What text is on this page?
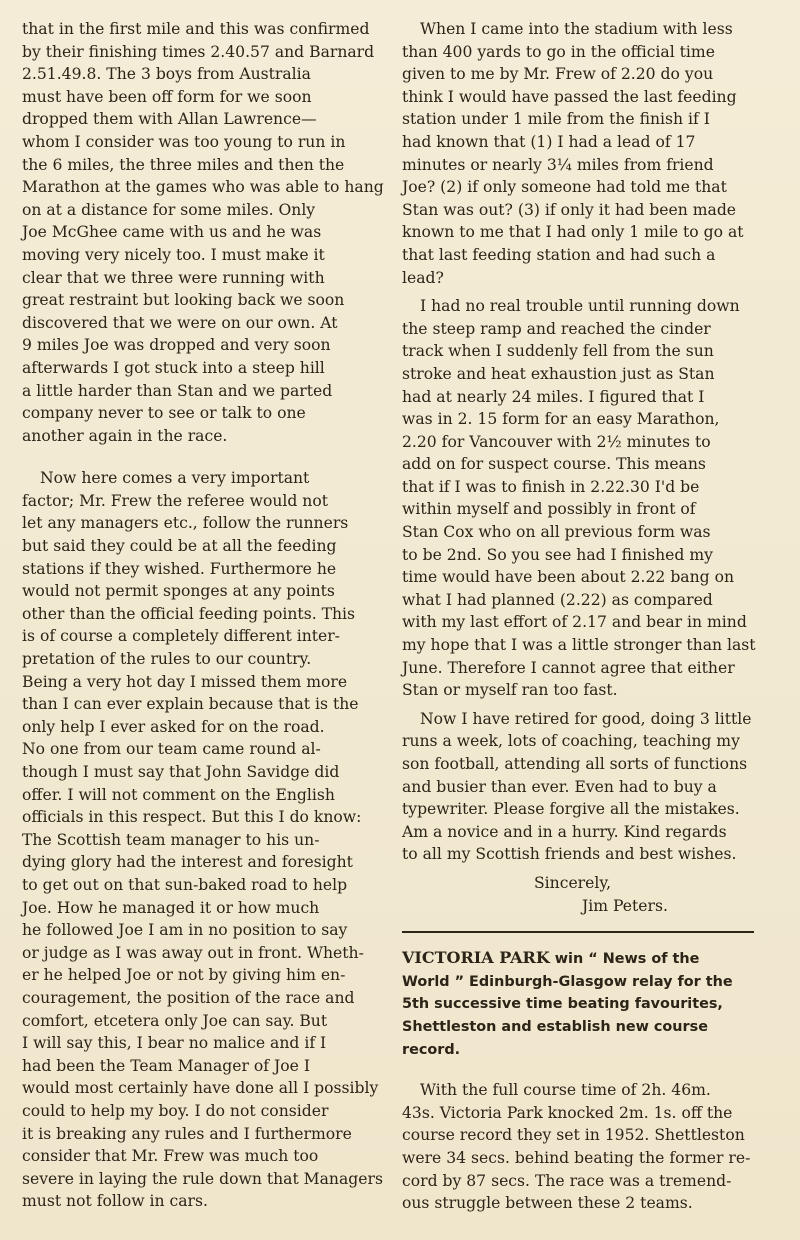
that in the first mile and this was confirmed
by their finishing times 2.40.57 and Barnard
2.51.49.8. The 3 boys from Australia
must have been off form for we soon
dropped them with Allan Lawrence—
whom I consider was too young to run in
the 6 miles, the three miles and then the
Marathon at the games who was able to hang
on at a distance for some miles. Only
Joe McGhee came with us and he was
moving very nicely too. I must make it
clear that we three were running with
great restraint but looking back we soon
discovered that we were on our own. At
9 miles Joe was dropped and very soon
afterwards I got stuck into a steep hill
a little harder than Stan and we parted
company never to see or talk to one
another again in the race.

Now here comes a very important
factor; Mr. Frew the referee would not
let any managers etc., follow the runners
but said they could be at all the feeding
stations if they wished. Furthermore he
would not permit sponges at any points
other than the official feeding points. This
is of course a completely different inter-
pretation of the rules to our country.
Being a very hot day I missed them more
than I can ever explain because that is the
only help I ever asked for on the road.
No one from our team came round al-
though I must say that John Savidge did
offer. I will not comment on the English
officials in this respect. But this I do know:
The Scottish team manager to his un-
dying glory had the interest and foresight
to get out on that sun-baked road to help
Joe. How he managed it or how much
he followed Joe I am in no position to say
or judge as I was away out in front. Wheth-
er he helped Joe or not by giving him en-
couragement, the position of the race and
comfort, etcetera only Joe can say. But
I will say this, I bear no malice and if I
had been the Team Manager of Joe I
would most certainly have done all I possibly
could to help my boy. I do not consider
it is breaking any rules and I furthermore
consider that Mr. Frew was much too
severe in laying the rule down that Managers
must not follow in cars.

When I came into the stadium with less
than 400 yards to go in the official time
given to me by Mr. Frew of 2.20 do you
think I would have passed the last feeding
station under 1 mile from the finish if I
had known that (1) I had a lead of 17
minutes or nearly 3¼ miles from friend
Joe? (2) if only someone had told me that
Stan was out? (3) if only it had been made
known to me that I had only 1 mile to go at
that last feeding station and had such a
lead?

I had no real trouble until running down
the steep ramp and reached the cinder
track when I suddenly fell from the sun
stroke and heat exhaustion just as Stan
had at nearly 24 miles. I figured that I
was in 2. 15 form for an easy Marathon,
2.20 for Vancouver with 2½ minutes to
add on for suspect course. This means
that if I was to finish in 2.22.30 I'd be
within myself and possibly in front of
Stan Cox who on all previous form was
to be 2nd. So you see had I finished my
time would have been about 2.22 bang on
what I had planned (2.22) as compared
with my last effort of 2.17 and bear in mind
my hope that I was a little stronger than last
June. Therefore I cannot agree that either
Stan or myself ran too fast.

Now I have retired for good, doing 3 little
runs a week, lots of coaching, teaching my
son football, attending all sorts of functions
and busier than ever. Even had to buy a
typewriter. Please forgive all the mistakes.
Am a novice and in a hurry. Kind regards
to all my Scottish friends and best wishes.

Sincerely,
Jim Peters.

VICTORIA PARK win “ News of the
World ” Edinburgh-Glasgow relay for the
5th successive time beating favourites,
Shettleston and establish new course
record.

With the full course time of 2h. 46m.
43s. Victoria Park knocked 2m. 1s. off the
course record they set in 1952. Shettleston
were 34 secs. behind beating the former re-
cord by 87 secs. The race was a tremend-
ous struggle between these 2 teams.
